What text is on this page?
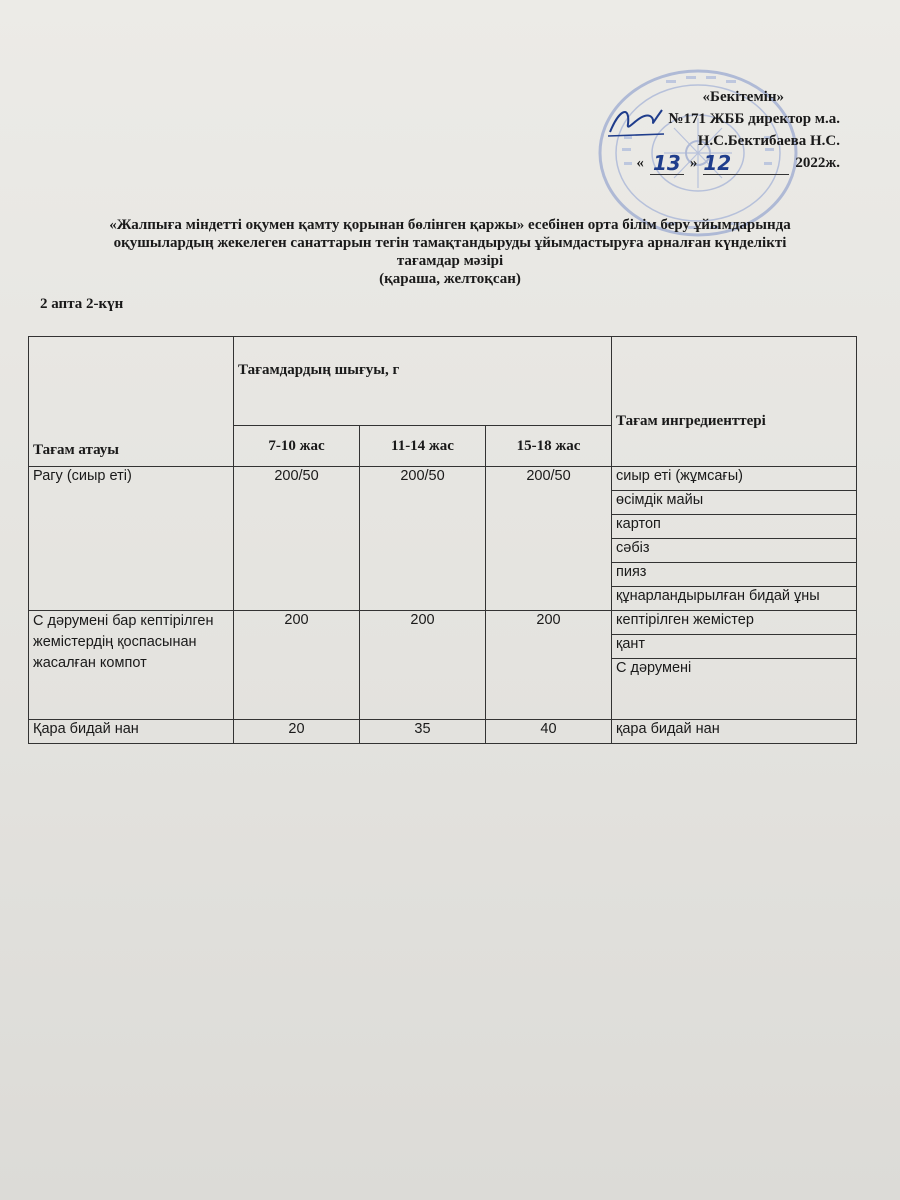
«Бекітемін»
№171 ЖББ директор м.а.
Н.С.Бектибаева Н.С.
« 13 » 12	2022ж.
«Жалпыға міндетті оқумен қамту қорынан бөлінген қаржы» есебінен орта білім беру ұйымдарында
оқушылардың жекелеген санаттарын тегін тамақтандыруды ұйымдастыруға арналған күнделікті
тағамдар мәзірі
(қараша, желтоқсан)
2 апта 2-күн
Тағам атауы	Тағамдардың шығуы, г			Тағам ингредиенттері
	7-10 жас	11-14 жас	15-18 жас	
Рагу (сиыр еті)	200/50	200/50	200/50	сиыр еті (жұмсағы)
				өсімдік майы
				картоп
				сәбіз
				пияз
				құнарландырылған бидай ұны
С дәрумені бар кептірілген жемістердің қоспасынан жасалған компот	200	200	200	кептірілген жемістер
				қант
				С дәрумені
Қара бидай нан	20	35	40	қара бидай нан
